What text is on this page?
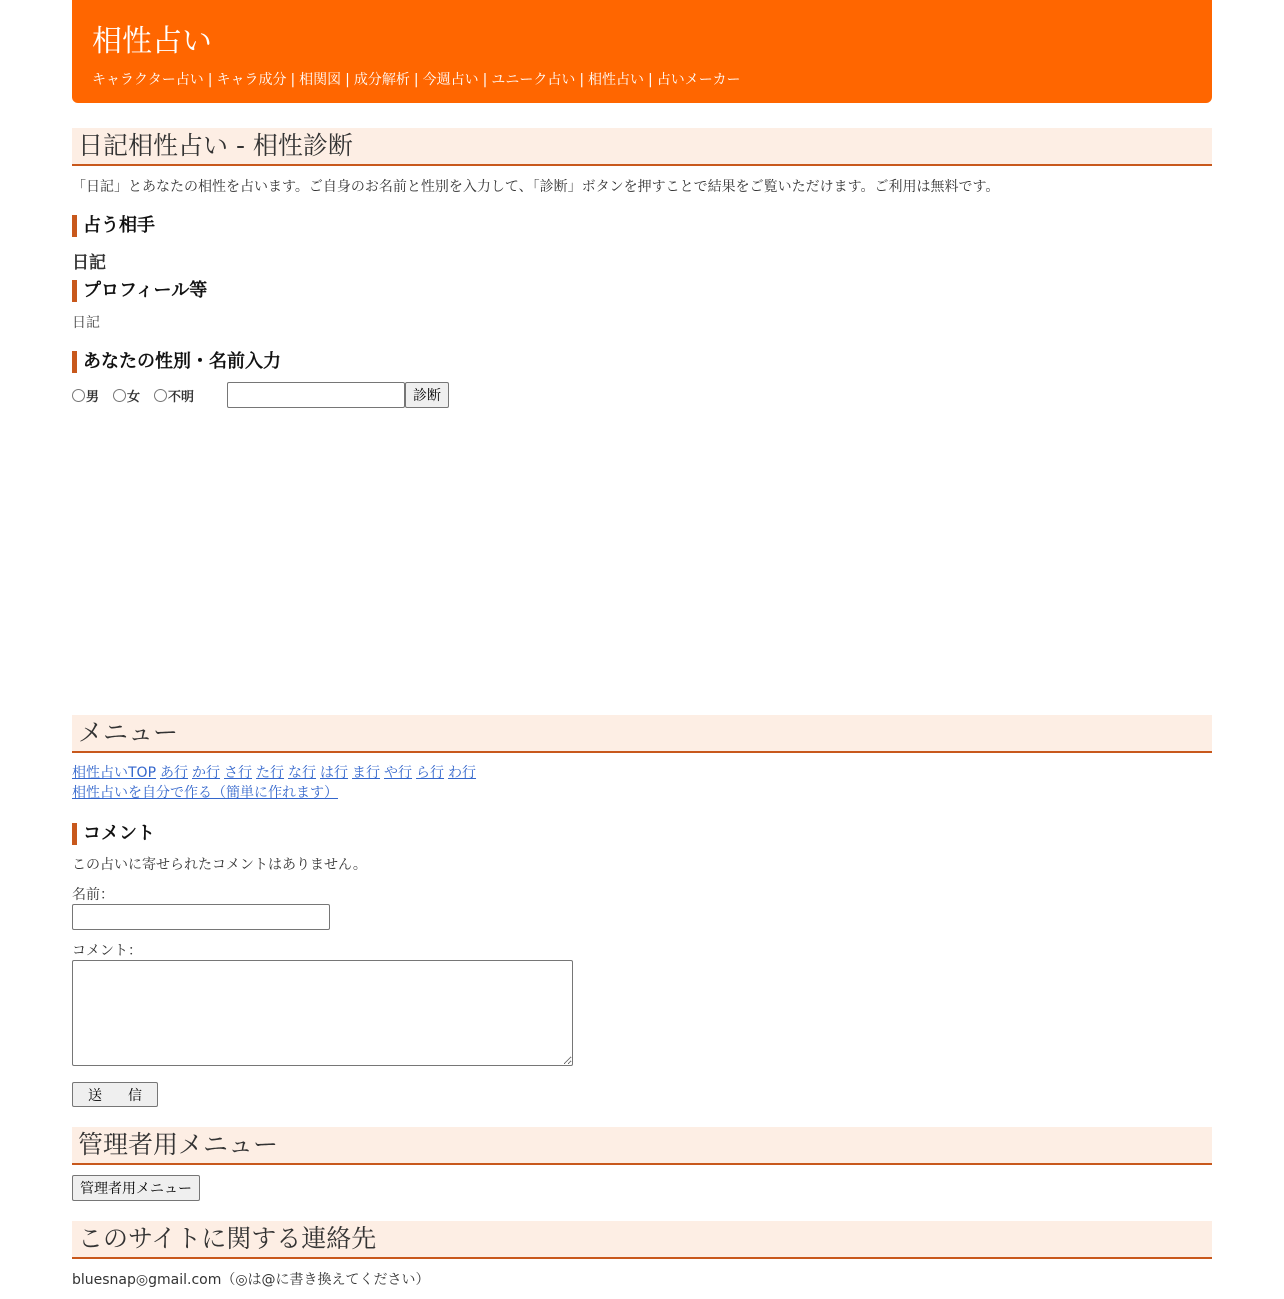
相性占い
キャラクター占い | キャラ成分 | 相関図 | 成分解析 | 今週占い | ユニーク占い | 相性占い | 占いメーカー
日記相性占い - 相性診断
「日記」とあなたの相性を占います。ご自身のお名前と性別を入力して、「診断」ボタンを押すことで結果をご覧いただけます。ご利用は無料です。
占う相手
日記
プロフィール等
日記
あなたの性別・名前入力
男 女 不明	診断
メニュー
相性占いTOP あ行 か行 さ行 た行 な行 は行 ま行 や行 ら行 わ行
相性占いを自分で作る（簡単に作れます）
コメント
この占いに寄せられたコメントはありません。
名前：
コメント：
送　信
管理者用メニュー
管理者用メニュー
このサイトに関する連絡先
bluesnap◎gmail.com（◎は@に書き換えてください）
